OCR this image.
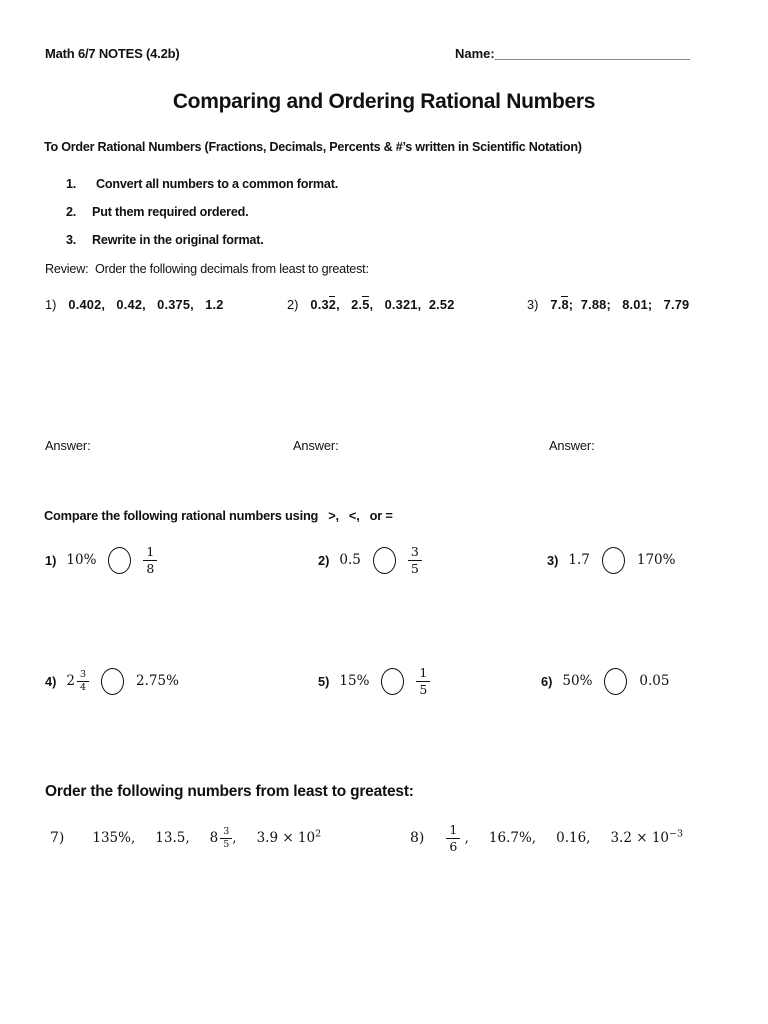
Math 6/7 NOTES (4.2b)	Name:___________________________
Comparing and Ordering Rational Numbers
To Order Rational Numbers (Fractions, Decimals, Percents & #’s written in Scientific Notation)
1. Convert all numbers to a common format.
2. Put them required ordered.
3. Rewrite in the original format.
Review:  Order the following decimals from least to greatest:
1) 0.402,   0.42,   0.375,   1.2	2) 0.32,   2.5,   0.321,  2.52	3) 7.8;  7.88;   8.01;   7.79
Answer:	Answer:	Answer:
Compare the following rational numbers using   >,   <,   or =
1) 10%	$\frac{1}{8}$	2) 0.5	$\frac{3}{5}$	3) 1.7	170%
4) $2 \frac{3}{4}$	2.75%	5) 15%	$\frac{1}{5}$	6) 50%	0.05
Order the following numbers from least to greatest:
7) 135%, 13.5, $8 \frac{3}{5}$ , $3.9 \times 10^2$	$8) \frac{1}{6}$ , 16.7%, 0.16, $3.2 \times 10^{-3}$
